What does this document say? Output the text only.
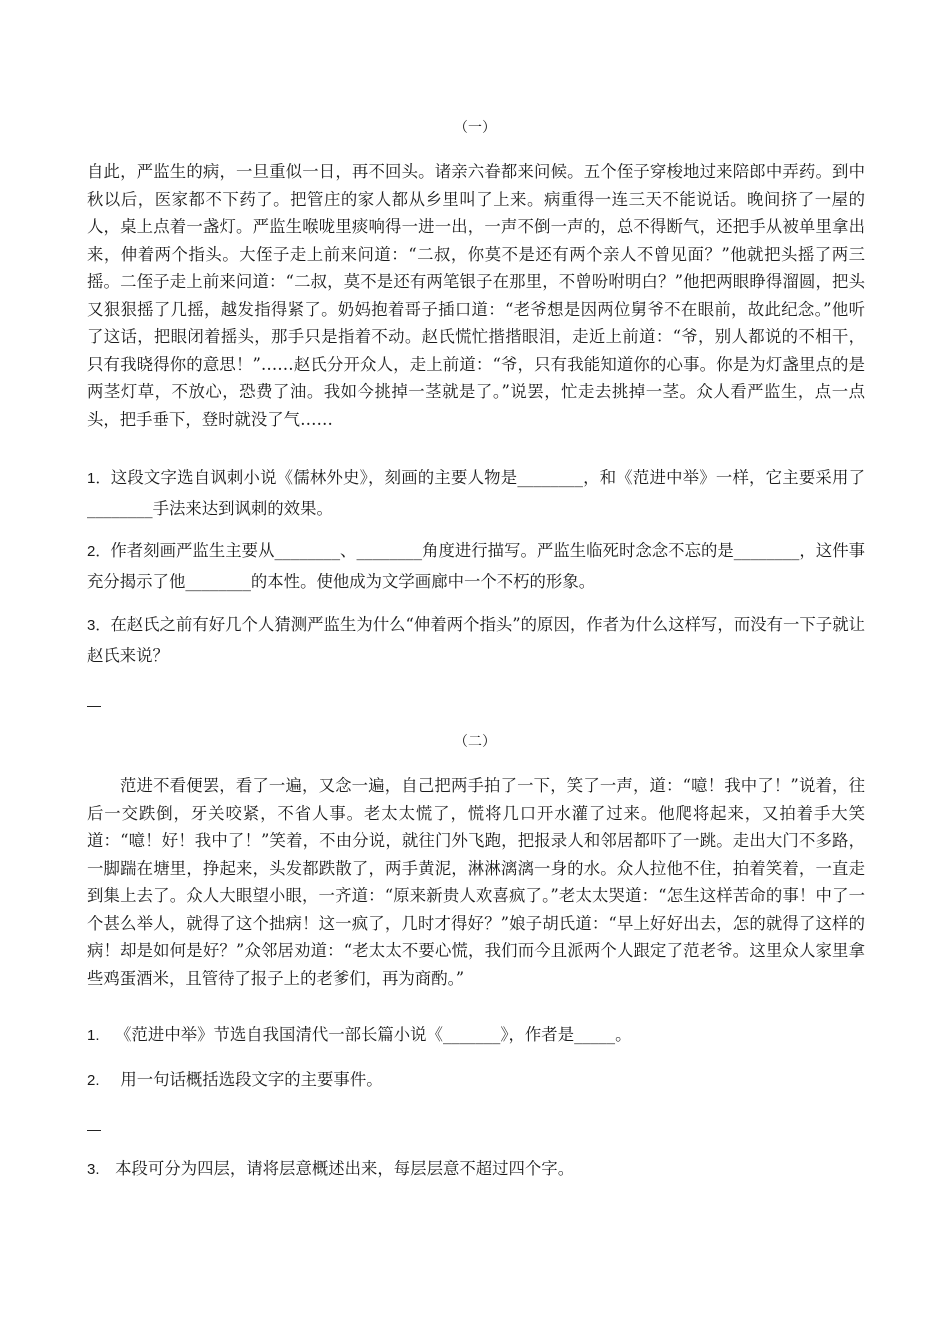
（一）
自此，严监生的病，一旦重似一日，再不回头。诸亲六眷都来问候。五个侄子穿梭地过来陪郎中弄药。到中秋以后，医家都不下药了。把管庄的家人都从乡里叫了上来。病重得一连三天不能说话。晚间挤了一屋的人，桌上点着一盏灯。严监生喉咙里痰响得一进一出，一声不倒一声的，总不得断气，还把手从被单里拿出来，伸着两个指头。大侄子走上前来问道：“二叔，你莫不是还有两个亲人不曾见面？”他就把头摇了两三摇。二侄子走上前来问道：“二叔，莫不是还有两笔银子在那里，不曾吩咐明白？”他把两眼睁得溜圆，把头又狠狠摇了几摇，越发指得紧了。奶妈抱着哥子插口道：“老爷想是因两位舅爷不在眼前，故此纪念。”他听了这话，把眼闭着摇头，那手只是指着不动。赵氏慌忙揩揩眼泪，走近上前道：“爷，别人都说的不相干，只有我晓得你的意思！”……赵氏分开众人，走上前道：“爷，只有我能知道你的心事。你是为灯盏里点的是两茎灯草，不放心，恐费了油。我如今挑掉一茎就是了。”说罢，忙走去挑掉一茎。众人看严监生，点一点头，把手垂下，登时就没了气……
1．这段文字选自讽刺小说《儒林外史》，刻画的主要人物是________，和《范进中举》一样，它主要采用了________手法来达到讽刺的效果。
2．作者刻画严监生主要从________、________角度进行描写。严监生临死时念念不忘的是________，这件事充分揭示了他________的本性。使他成为文学画廊中一个不朽的形象。
3．在赵氏之前有好几个人猜测严监生为什么“伸着两个指头”的原因，作者为什么这样写，而没有一下子就让赵氏来说？
（二）
范进不看便罢，看了一遍，又念一遍，自己把两手拍了一下，笑了一声，道：“噫！我中了！”说着，往后一交跌倒，牙关咬紧，不省人事。老太太慌了，慌将几口开水灌了过来。他爬将起来，又拍着手大笑道：“噫！好！我中了！”笑着，不由分说，就往门外飞跑，把报录人和邻居都吓了一跳。走出大门不多路，一脚踹在塘里，挣起来，头发都跌散了，两手黄泥，淋淋漓漓一身的水。众人拉他不住，拍着笑着，一直走到集上去了。众人大眼望小眼，一齐道：“原来新贵人欢喜疯了。”老太太哭道：“怎生这样苦命的事！中了一个甚么举人，就得了这个拙病！这一疯了，几时才得好？”娘子胡氏道：“早上好好出去，怎的就得了这样的病！却是如何是好？”众邻居劝道：“老太太不要心慌，我们而今且派两个人跟定了范老爷。这里众人家里拿些鸡蛋酒米，且管待了报子上的老爹们，再为商酌。”
1. 《范进中举》节选自我国清代一部长篇小说《_______》，作者是_____。
2. 用一句话概括选段文字的主要事件。
3. 本段可分为四层，请将层意概述出来，每层层意不超过四个字。
